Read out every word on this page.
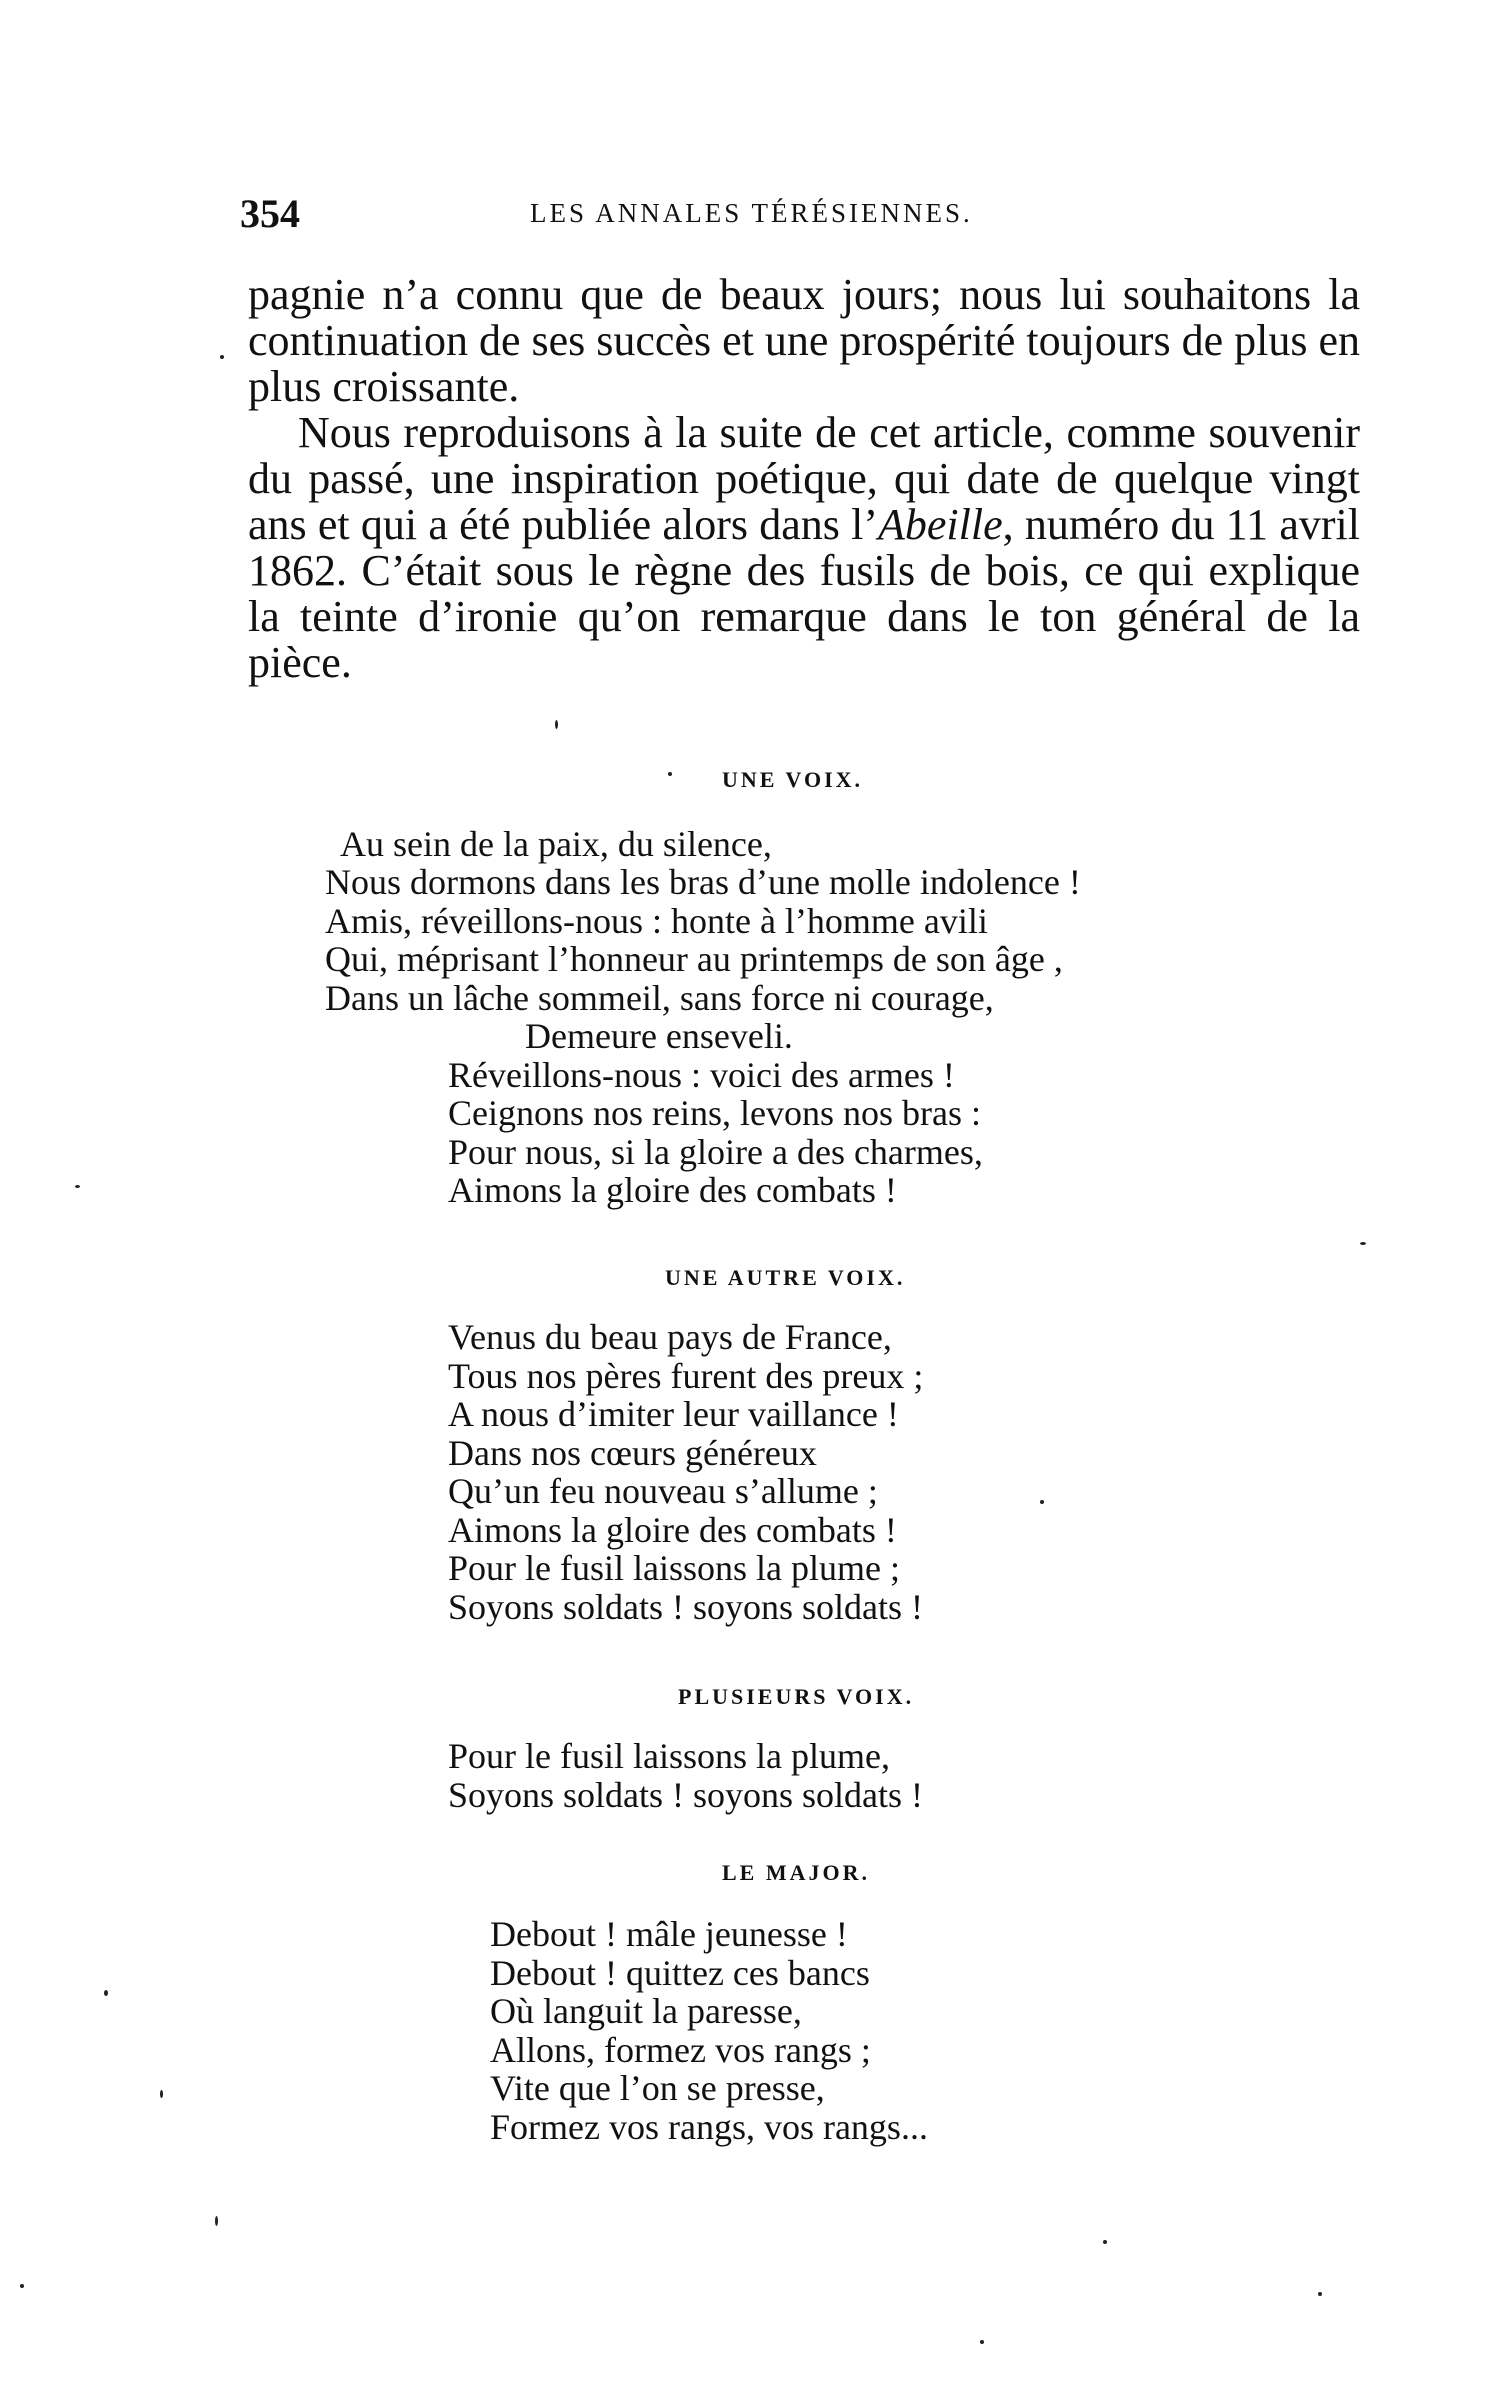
354	LES ANNALES TÉRÉSIENNES.

pagnie n’a connu que de beaux jours; nous lui souhaitons la continuation de ses succès et une prospérité toujours de plus en plus croissante.

Nous reproduisons à la suite de cet article, comme souvenir du passé, une inspiration poétique, qui date de quelque vingt ans et qui a été publiée alors dans l’Abeille, numéro du 11 avril 1862. C’était sous le règne des fusils de bois, ce qui explique la teinte d’ironie qu’on remarque dans le ton général de la pièce.

UNE VOIX.
Au sein de la paix, du silence,
Nous dormons dans les bras d’une molle indolence !
Amis, réveillons-nous : honte à l’homme avili
Qui, méprisant l’honneur au printemps de son âge ,
Dans un lâche sommeil, sans force ni courage,
Demeure enseveli.
Réveillons-nous : voici des armes !
Ceignons nos reins, levons nos bras :
Pour nous, si la gloire a des charmes,
Aimons la gloire des combats !
UNE AUTRE VOIX.
Venus du beau pays de France,
Tous nos pères furent des preux ;
A nous d’imiter leur vaillance !
Dans nos cœurs généreux
Qu’un feu nouveau s’allume ;
Aimons la gloire des combats !
Pour le fusil laissons la plume ;
Soyons soldats ! soyons soldats !
PLUSIEURS VOIX.
Pour le fusil laissons la plume,
Soyons soldats ! soyons soldats !
LE MAJOR.
Debout ! mâle jeunesse !
Debout ! quittez ces bancs
Où languit la paresse,
Allons, formez vos rangs ;
Vite que l’on se presse,
Formez vos rangs, vos rangs...
